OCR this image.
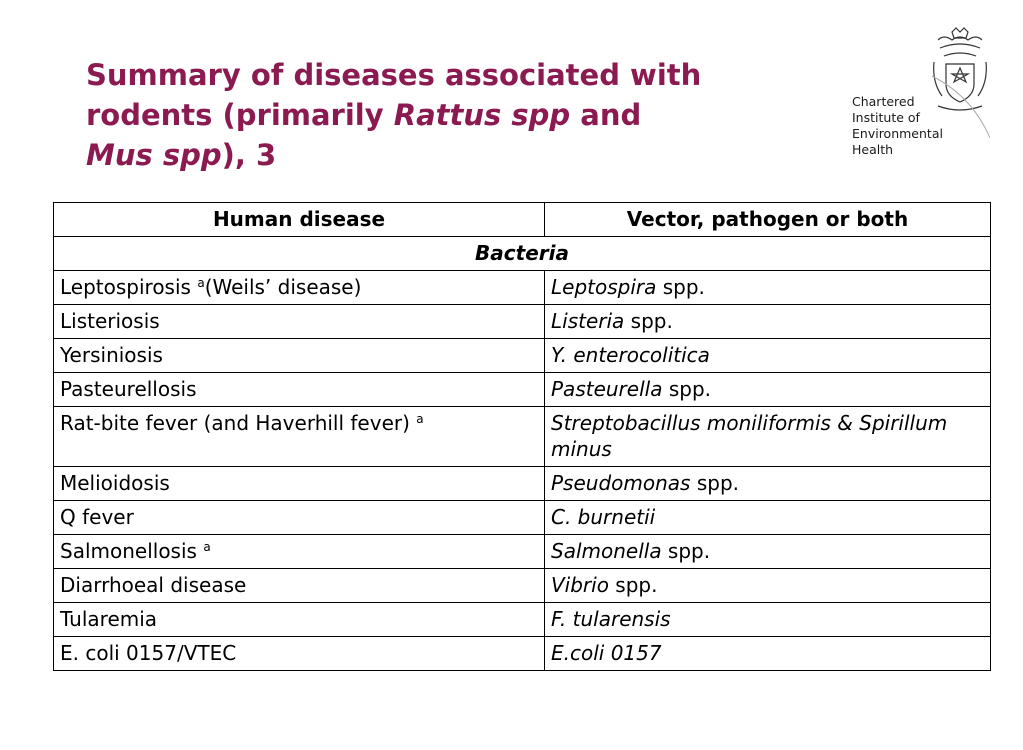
Summary of diseases associated with rodents (primarily Rattus spp and
Mus spp), 3
Chartered
Institute of
Environmental
Health
Human disease	Vector, pathogen or both
Bacteria	
Leptospirosis $^a$(Weils’ disease)	Leptospira spp.
Listeriosis	Listeria spp.
Yersiniosis	Y. enterocolitica
Pasteurellosis	Pasteurella spp.
Rat-bite fever (and Haverhill fever) $^a$	Streptobacillus moniliformis & Spirillum minus
Melioidosis	Pseudomonas spp.
Q fever	C. burnetii
Salmonellosis $^a$	Salmonella spp.
Diarrhoeal disease	Vibrio spp.
Tularemia	F. tularensis
E. coli 0157/VTEC	E.coli 0157
